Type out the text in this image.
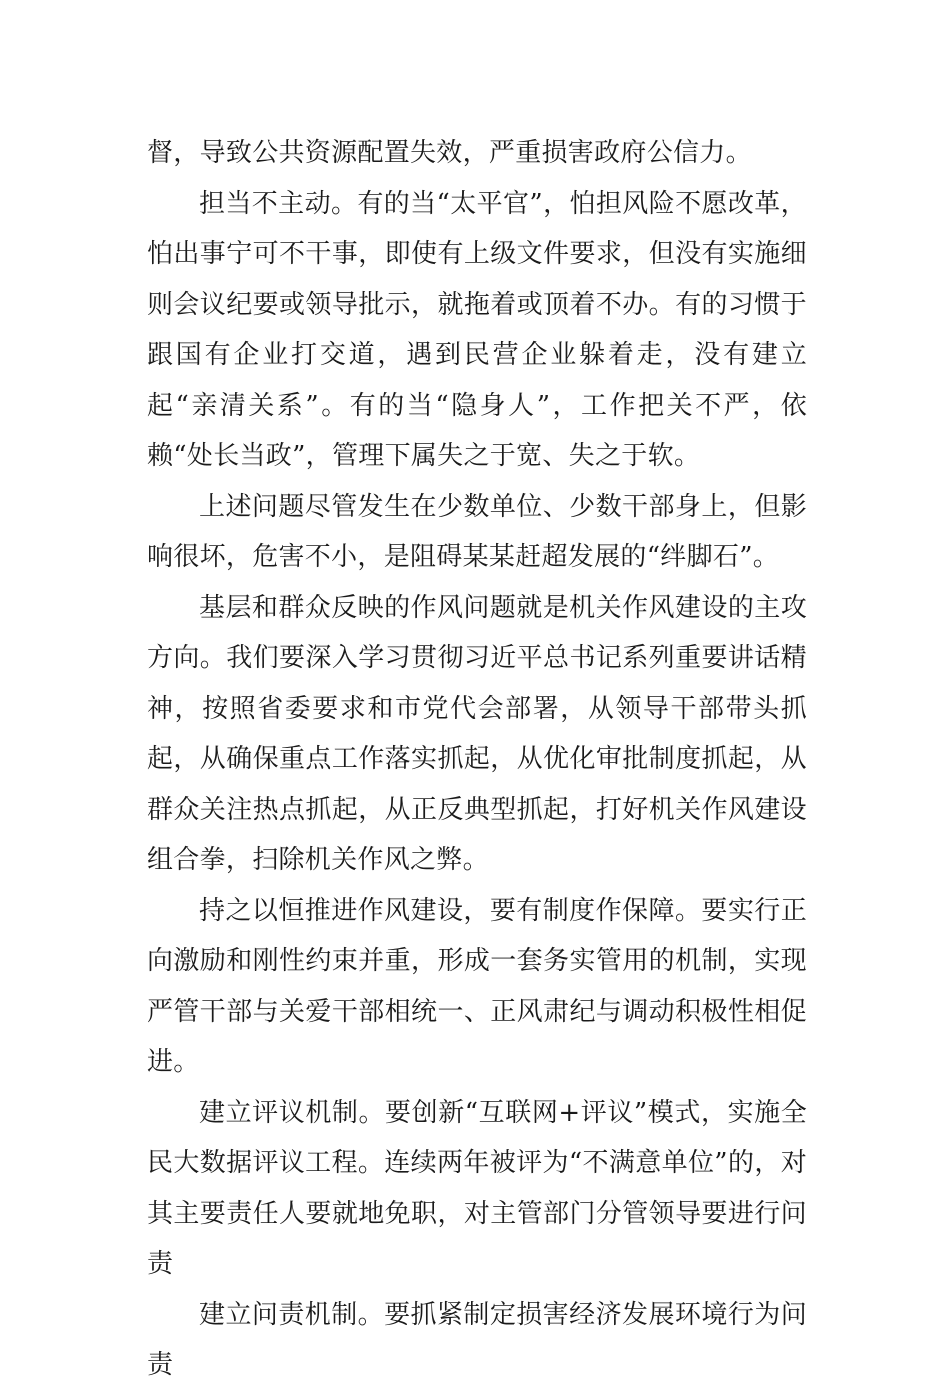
督，导致公共资源配置失效，严重损害政府公信力。

担当不主动。有的当“太平官”，怕担风险不愿改革，怕出事宁可不干事，即使有上级文件要求，但没有实施细则会议纪要或领导批示，就拖着或顶着不办。有的习惯于跟国有企业打交道，遇到民营企业躲着走，没有建立起“亲清关系”。有的当“隐身人”，工作把关不严，依赖“处长当政”，管理下属失之于宽、失之于软。

上述问题尽管发生在少数单位、少数干部身上，但影响很坏，危害不小，是阻碍某某赶超发展的“绊脚石”。

基层和群众反映的作风问题就是机关作风建设的主攻方向。我们要深入学习贯彻习近平总书记系列重要讲话精神，按照省委要求和市党代会部署，从领导干部带头抓起，从确保重点工作落实抓起，从优化审批制度抓起，从群众关注热点抓起，从正反典型抓起，打好机关作风建设组合拳，扫除机关作风之弊。

持之以恒推进作风建设，要有制度作保障。要实行正向激励和刚性约束并重，形成一套务实管用的机制，实现严管干部与关爱干部相统一、正风肃纪与调动积极性相促进。

建立评议机制。要创新“互联网+评议”模式，实施全民大数据评议工程。连续两年被评为“不满意单位”的，对其主要责任人要就地免职，对主管部门分管领导要进行问责

建立问责机制。要抓紧制定损害经济发展环境行为问责
